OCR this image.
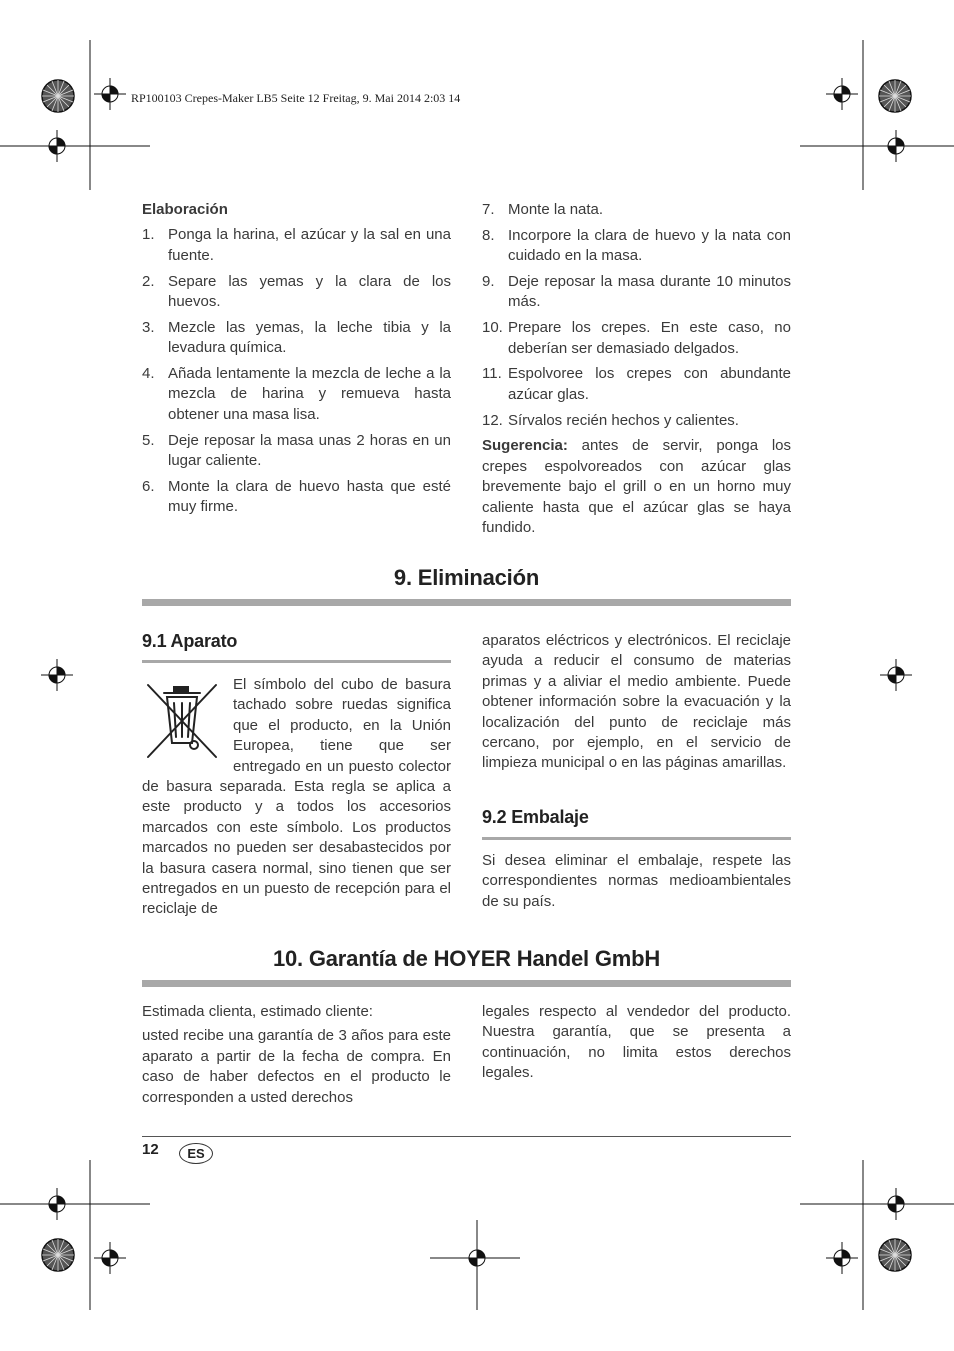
RP100103 Crepes-Maker LB5 Seite 12 Freitag, 9. Mai 2014 2:03 14

Elaboración

1. Ponga la harina, el azúcar y la sal en una fuente.
2. Separe las yemas y la clara de los huevos.
3. Mezcle las yemas, la leche tibia y la levadura química.
4. Añada lentamente la mezcla de leche a la mezcla de harina y remueva hasta obtener una masa lisa.
5. Deje reposar la masa unas 2 horas en un lugar caliente.
6. Monte la clara de huevo hasta que esté muy firme.
7. Monte la nata.
8. Incorpore la clara de huevo y la nata con cuidado en la masa.
9. Deje reposar la masa durante 10 minutos más.
10. Prepare los crepes. En este caso, no deberían ser demasiado delgados.
11. Espolvoree los crepes con abundante azúcar glas.
12. Sírvalos recién hechos y calientes.

Sugerencia: antes de servir, ponga los crepes espolvoreados con azúcar glas brevemente bajo el grill o en un horno muy caliente hasta que el azúcar glas se haya fundido.

9. Eliminación
9.1 Aparato

El símbolo del cubo de basura tachado sobre ruedas significa que el producto, en la Unión Europea, tiene que ser entregado en un puesto colector de basura separada. Esta regla se aplica a este producto y a todos los accesorios marcados con este símbolo. Los productos marcados no pueden ser desabastecidos por la basura casera normal, sino tienen que ser entregados en un puesto de recepción para el reciclaje de

aparatos eléctricos y electrónicos. El reciclaje ayuda a reducir el consumo de materias primas y a aliviar el medio ambiente. Puede obtener información sobre la evacuación y la localización del punto de reciclaje más cercano, por ejemplo, en el servicio de limpieza municipal o en las páginas amarillas.

9.2 Embalaje

Si desea eliminar el embalaje, respete las correspondientes normas medioambientales de su país.

10. Garantía de HOYER Handel GmbH

Estimada clienta, estimado cliente:

usted recibe una garantía de 3 años para este aparato a partir de la fecha de compra. En caso de haber defectos en el producto le corresponden a usted derechos

legales respecto al vendedor del producto. Nuestra garantía, que se presenta a continuación, no limita estos derechos legales.

12	ES
